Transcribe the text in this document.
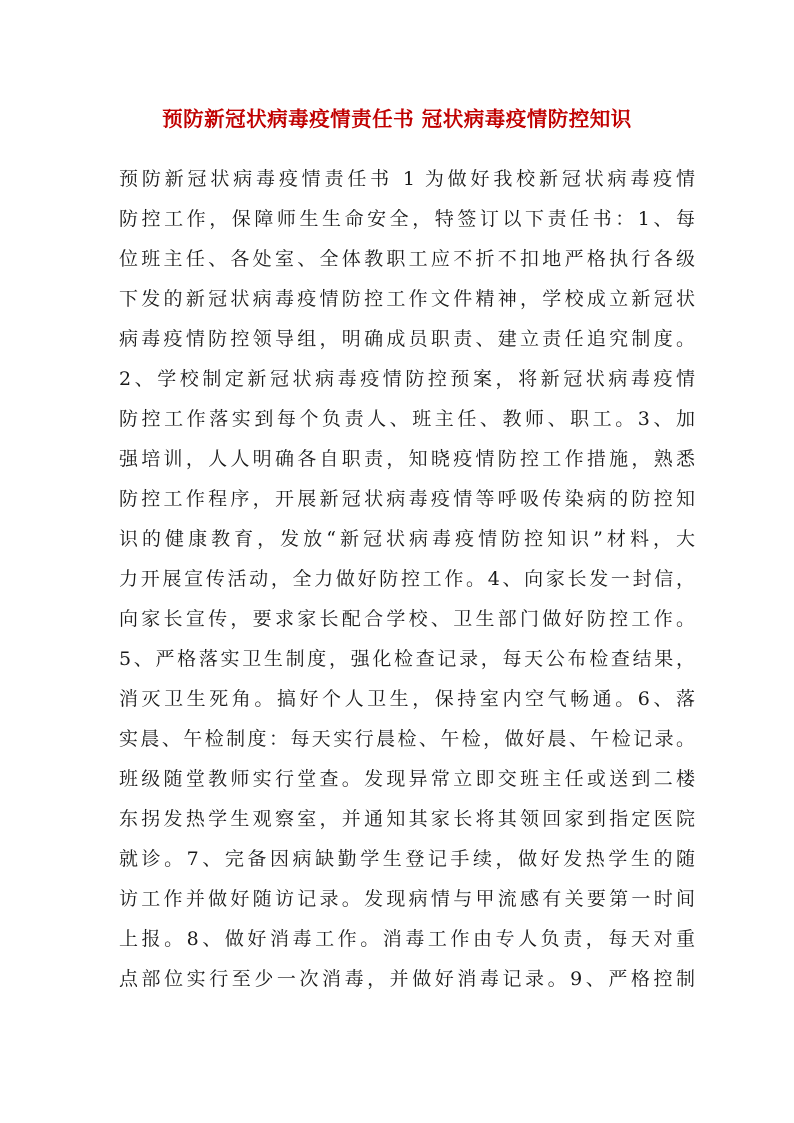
预防新冠状病毒疫情责任书 冠状病毒疫情防控知识
预防新冠状病毒疫情责任书 1 为做好我校新冠状病毒疫情
防控工作，保障师生生命安全，特签订以下责任书：1、每
位班主任、各处室、全体教职工应不折不扣地严格执行各级
下发的新冠状病毒疫情防控工作文件精神，学校成立新冠状
病毒疫情防控领导组，明确成员职责、建立责任追究制度。
2、学校制定新冠状病毒疫情防控预案，将新冠状病毒疫情
防控工作落实到每个负责人、班主任、教师、职工。3、加
强培训，人人明确各自职责，知晓疫情防控工作措施，熟悉
防控工作程序，开展新冠状病毒疫情等呼吸传染病的防控知
识的健康教育，发放“新冠状病毒疫情防控知识”材料，大
力开展宣传活动，全力做好防控工作。4、向家长发一封信，
向家长宣传，要求家长配合学校、卫生部门做好防控工作。
5、严格落实卫生制度，强化检查记录，每天公布检查结果，
消灭卫生死角。搞好个人卫生，保持室内空气畅通。6、落
实晨、午检制度：每天实行晨检、午检，做好晨、午检记录。
班级随堂教师实行堂查。发现异常立即交班主任或送到二楼
东拐发热学生观察室，并通知其家长将其领回家到指定医院
就诊。7、完备因病缺勤学生登记手续，做好发热学生的随
访工作并做好随访记录。发现病情与甲流感有关要第一时间
上报。8、做好消毒工作。消毒工作由专人负责，每天对重
点部位实行至少一次消毒，并做好消毒记录。9、严格控制
